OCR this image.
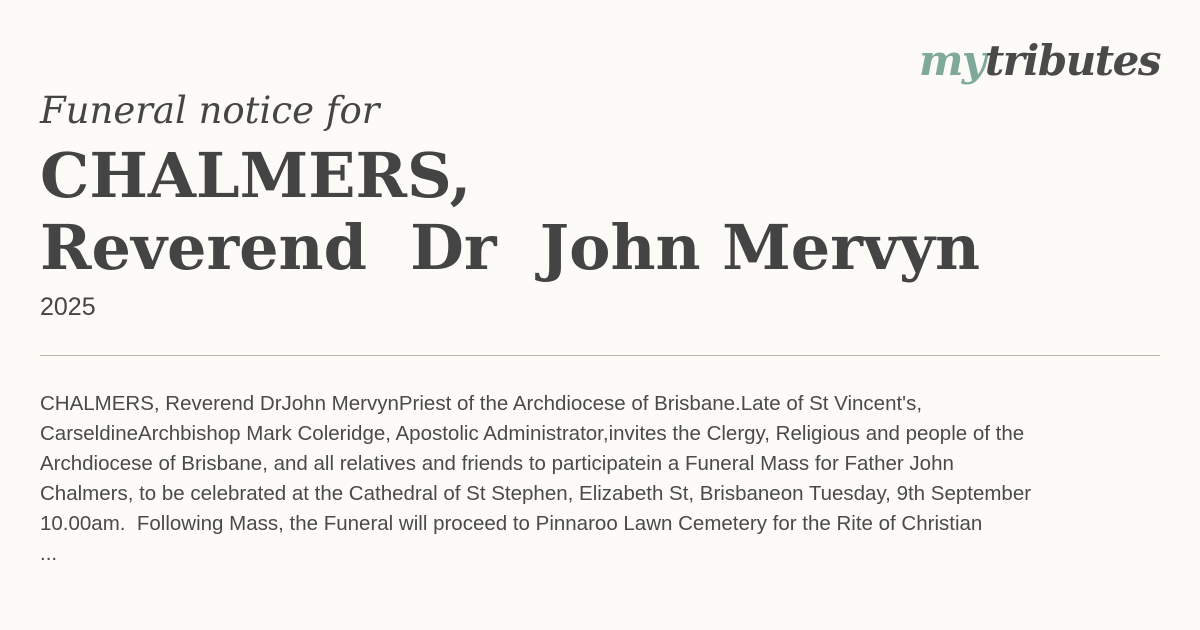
mytributes
Funeral notice for
CHALMERS,
Reverend  Dr  John Mervyn
2025
CHALMERS, Reverend DrJohn MervynPriest of the Archdiocese of Brisbane.Late of St Vincent's,
CarseldineArchbishop Mark Coleridge, Apostolic Administrator,invites the Clergy, Religious and people of the
Archdiocese of Brisbane, and all relatives and friends to participatein a Funeral Mass for Father John
Chalmers, to be celebrated at the Cathedral of St Stephen, Elizabeth St, Brisbaneon Tuesday, 9th September
10.00am.  Following Mass, the Funeral will proceed to Pinnaroo Lawn Cemetery for the Rite of Christian
...
